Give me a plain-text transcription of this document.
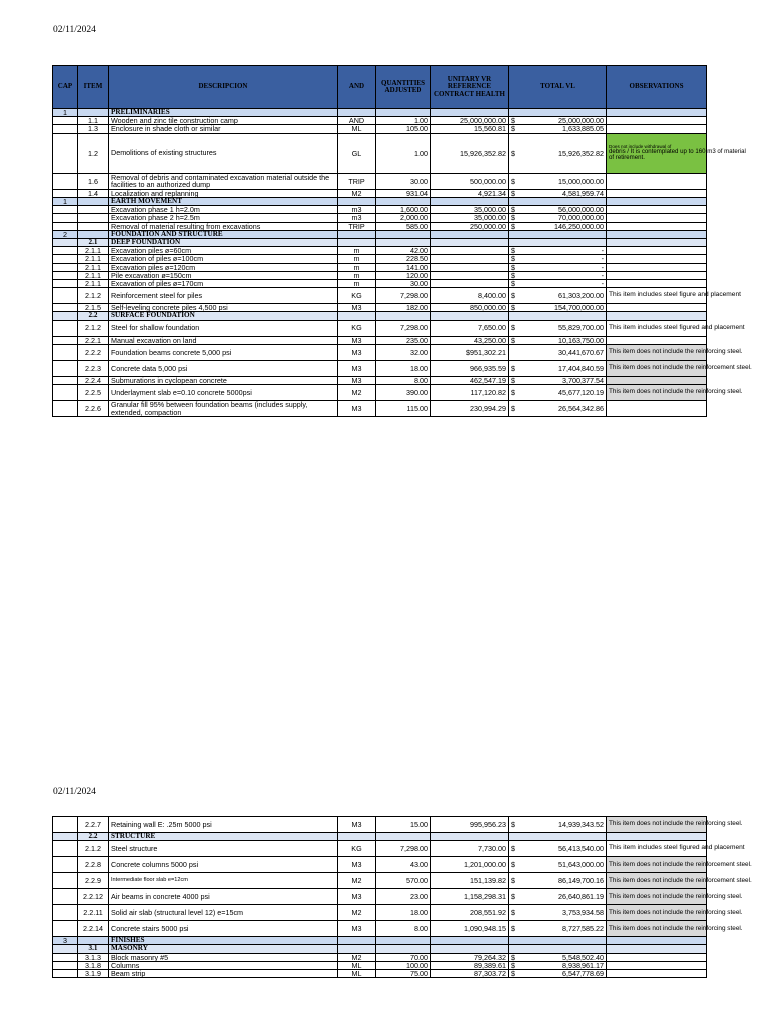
02/11/2024
CAP	ITEM	DESCRIPCION	AND	QUANTITIES ADJUSTED	UNITARY VR REFERENCE CONTRACT HEALTH	TOTAL VL		OBSERVATIONS
1		PRELIMINARIES						
	1.1	Wooden and zinc tile construction camp	AND	1.00	25,000,000.00	$	25,000,000.00	
	1.3	Enclosure in shade cloth or similar	ML	105.00	15,560.81	$	1,633,885.05	
	1.2	Demolitions of existing structures	GL	1.00	15,926,352.82	$	15,926,352.82	Does not include withdrawal of
debris / It is contemplated up to 160 m3 of material
of retirement.

	1.6	Removal of debris and contaminated excavation material outside the facilities to an authorized dump	TRIP	30.00	500,000.00	$	15,000,000.00	
	1.4	Localization and replanning	M2	931.04	4,921.34	$	4,581,959.74	
1		EARTH MOVEMENT						
		Excavation phase 1 h=2.0m	m3	1,600.00	35,000.00	$	56,000,000.00	
		Excavation phase 2 h=2.5m	m3	2,000.00	35,000.00	$	70,000,000.00	
		Removal of material resulting from excavations	TRIP	585.00	250,000.00	$	146,250,000.00	
2		FOUNDATION AND STRUCTURE						
	2.1	DEEP FOUNDATION						
	2.1.1	Excavation piles ø=60cm	m	42.00		$	-	
	2.1.1	Excavation of piles ø=100cm	m	228.50		$	-	
	2.1.1	Excavation piles ø=120cm	m	141.00		$	-	
	2.1.1	Pile excavation ø=150cm	m	120.00		$	-	
	2.1.1	Excavation of piles ø=170cm	m	30.00		$	-	
	2.1.2	Reinforcement steel for piles	KG	7,298.00	8,400.00	$	61,303,200.00	This item includes steel figure and placement
	2.1.5	Self-leveling concrete piles 4,500 psi	M3	182.00	850,000.00	$	154,700,000.00	
	2.2	SURFACE FOUNDATION						
	2.1.2	Steel for shallow foundation	KG	7,298.00	7,650.00	$	55,829,700.00	This item includes steel figured and placement
	2.2.1	Manual excavation on land	M3	235.00	43,250.00	$	10,163,750.00	
	2.2.2	Foundation beams concrete 5,000 psi	M3	32.00	$951,302.21		30,441,670.67	This item does not include the reinforcing steel.
	2.2.3	Concrete data 5,000 psi	M3	18.00	966,935.59	$	17,404,840.59	This item does not include the reinforcement steel.
	2.2.4	Submurations in cyclopean concrete	M3	8.00	462,547.19	$	3,700,377.54	
	2.2.5	Underlayment slab e=0.10 concrete 5000psi	M2	390.00	117,120.82	$	45,677,120.19	This item does not include the reinforcing steel.
	2.2.6	Granular fill 95% between foundation beams (includes supply, extended, compaction	M3	115.00	230,994.29	$	26,564,342.86	
02/11/2024
	2.2.7	Retaining wall E: .25m 5000 psi	M3	15.00	995,956.23	$	14,939,343.52	This item does not include the reinforcing steel.
	2.2	STRUCTURE						
	2.1.2	Steel structure	KG	7,298.00	7,730.00	$	56,413,540.00	This item includes steel figured and placement
	2.2.8	Concrete columns 5000 psi	M3	43.00	1,201,000.00	$	51,643,000.00	This item does not include the reinforcement steel.
	2.2.9	Intermediate floor slab e=12cm	M2	570.00	151,139.82	$	86,149,700.16	This item does not include the reinforcement steel.
	2.2.12	Air beams in concrete 4000 psi	M3	23.00	1,158,298.31	$	26,640,861.19	This item does not include the reinforcing steel.
	2.2.11	Solid air slab (structural level 12) e=15cm	M2	18.00	208,551.92	$	3,753,934.58	This item does not include the reinforcing steel.
	2.2.14	Concrete stairs 5000 psi	M3	8.00	1,090,948.15	$	8,727,585.22	This item does not include the reinforcing steel.
3		FINISHES						
	3.1	MASONRY						
	3.1.3	Block masonry #5	M2	70.00	79,264.32	$	5,548,502.40	
	3.1.8	Columns	ML	100.00	89,389.61	$	8,938,961.17	
	3.1.9	Beam strip	ML	75.00	87,303.72	$	6,547,778.69	
